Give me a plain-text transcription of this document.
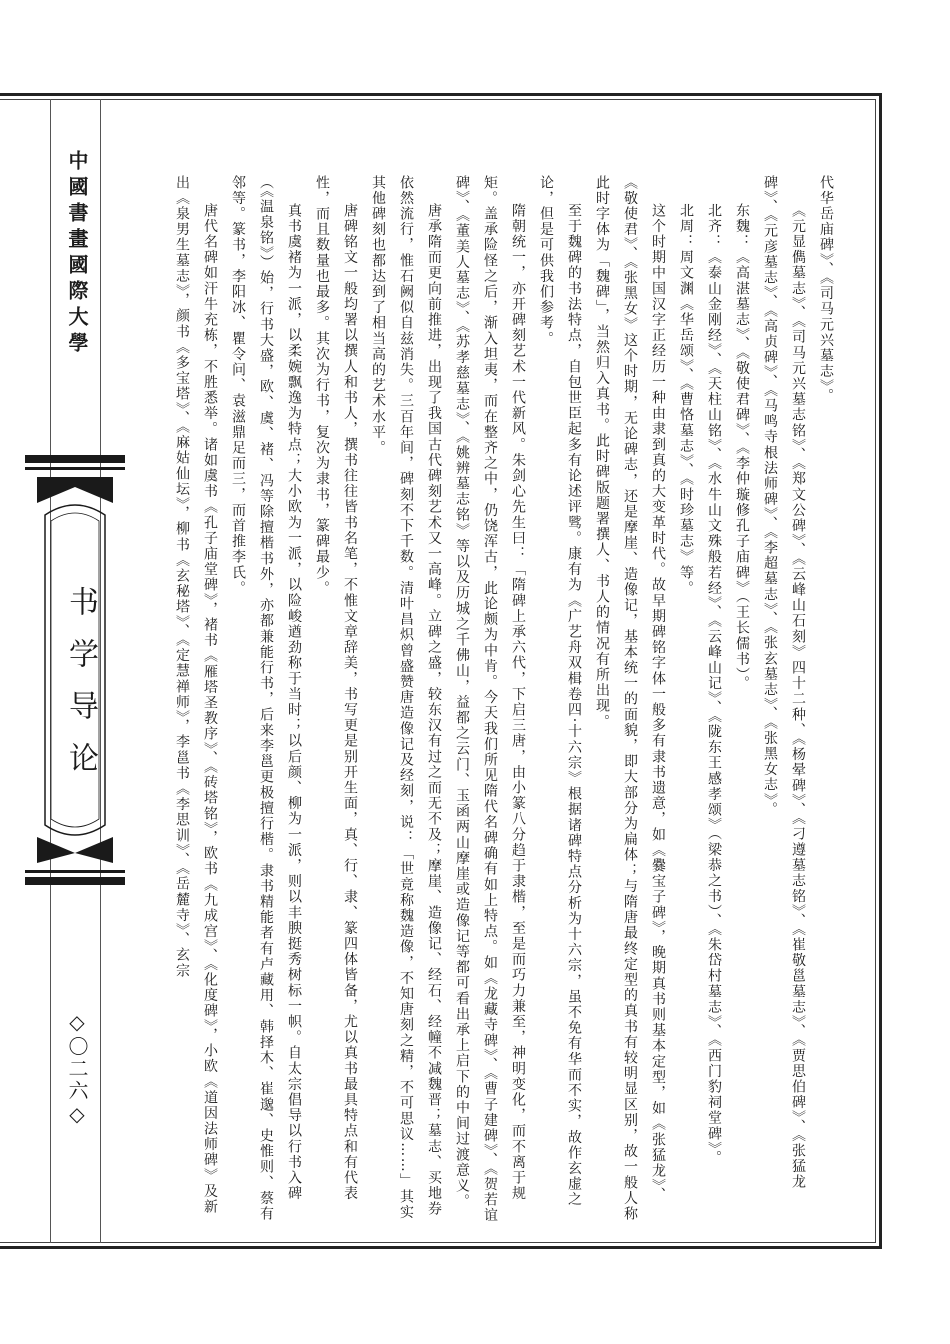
中國書畫國際大學
书学导论
◇〇二六◇

代华岳庙碑》、《司马元兴墓志》。

《元显儁墓志》、《司马元兴墓志铭》、《郑文公碑》、《云峰山石刻》四十二种、《杨晕碑》、《刁遵墓志铭》、《崔敬邕墓志》、《贾思伯碑》、《张猛龙碑》、《元彦墓志》、《高贞碑》、《马鸣寺根法师碑》、《李超墓志》、《张玄墓志》、《张黑女志》。

东魏：《高湛墓志》、《敬使君碑》、《李仲璇修孔子庙碑》（王长儒书）。

北齐：《泰山金刚经》、《天柱山铭》、《水牛山文殊般若经》、《云峰山记》、《陇东王感孝颂》（梁恭之书）、《朱岱村墓志》、《西门豹祠堂碑》。

北周：周文渊《华岳颂》、《曹恪墓志》、《时珍墓志》等。

这个时期中国汉字正经历一种由隶到真的大变革时代。故早期碑铭字体一般多有隶书遗意，如《爨宝子碑》，晚期真书则基本定型，如《张猛龙》、《敬使君》、《张黑女》这个时期，无论碑志，还是摩崖、造像记，基本统一的面貌，即大部分为扁体；与隋唐最终定型的真书有较明显区别，故一般人称此时字体为「魏碑」，当然归入真书。此时碑版题署撰人、书人的情况有所出现。

至于魏碑的书法特点，自包世臣起多有论述评骘。康有为《广艺舟双楫卷四·十六宗》根据诸碑特点分析为十六宗，虽不免有华而不实，故作玄虚之论，但是可供我们参考。

隋朝统一，亦开碑刻艺术一代新风。朱剑心先生曰：「隋碑上承六代，下启三唐，由小篆八分趋于隶楷，至是而巧力兼至，神明变化，而不离于规矩。盖承险怪之后，渐入坦夷，而在整齐之中，仍饶浑古，此论颇为中肯。今天我们所见隋代名碑确有如上特点。如《龙藏寺碑》、《曹子建碑》、《贺若谊碑》、《董美人墓志》、《苏孝慈墓志》、《姚辨墓志铭》等以及历城之千佛山，益都之云门、玉函两山摩崖或造像记等都可看出承上启下的中间过渡意义。

唐承隋而更向前推进，出现了我国古代碑刻艺术又一高峰。立碑之盛，较东汉有过之而无不及；摩崖、造像记、经石、经幢不减魏晋；墓志、买地券依然流行，惟石阙似自兹消失。三百年间，碑刻不下千数。清叶昌炽曾盛赞唐造像记及经刻，说：「世竟称魏造像，不知唐刻之精，不可思议……」其实其他碑刻也都达到了相当高的艺术水平。

唐碑铭文一般均署以撰人和书人，撰书往往皆书名笔，不惟文章辞美，书写更是别开生面，真、行、隶、篆四体皆备，尤以真书最具特点和有代表性，而且数量也最多。其次为行书，复次为隶书，篆碑最少。

真书虞褚为一派，以柔婉飘逸为特点；大小欧为一派，以险峻遒劲称于当时；以后颜、柳为一派，则以丰腴挺秀树标一帜。自太宗倡导以行书入碑（《温泉铭》）始，行书大盛，欧、虞、褚、冯等除擅楷书外，亦都兼能行书，后来李邕更极擅行楷。隶书精能者有卢藏用、韩择木、崔邈、史惟则、蔡有邻等。篆书，李阳冰、瞿令问、袁滋鼎足而三，而首推李氏。

唐代名碑如汗牛充栋，不胜悉举。诸如虞书《孔子庙堂碑》，褚书《雁塔圣教序》、《砖塔铭》，欧书《九成宫》、《化度碑》，小欧《道因法师碑》及新出《泉男生墓志》，颜书《多宝塔》、《麻姑仙坛》，柳书《玄秘塔》、《定慧禅师》，李邕书《李思训》、《岳麓寺》、玄宗
